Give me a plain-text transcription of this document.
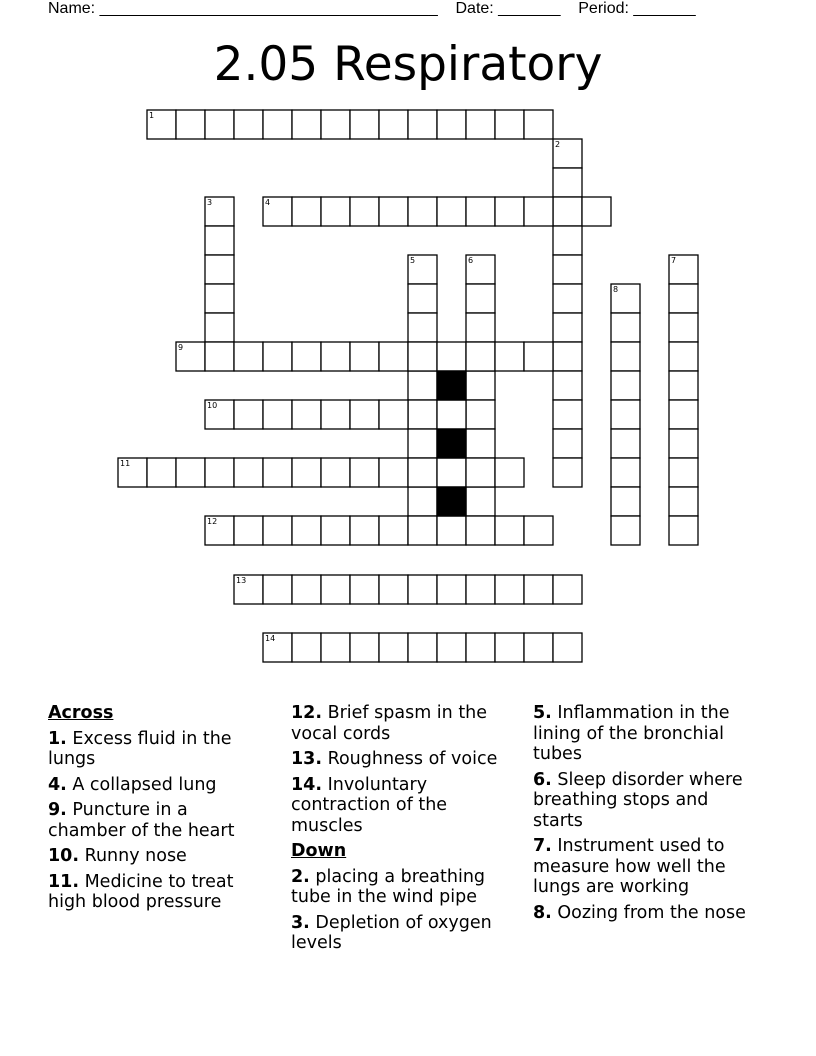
Name: ______________________________________    Date: _______    Period: _______
2.05 Respiratory
1
2
3	4
5	6	7
8
9
10
11
12
13
14
Across
1. Excess fluid in the lungs
4. A collapsed lung
9. Puncture in a chamber of the heart
10. Runny nose
11. Medicine to treat high blood pressure
12. Brief spasm in the vocal cords
13. Roughness of voice
14. Involuntary contraction of the muscles
Down
2. placing a breathing tube in the wind pipe
3. Depletion of oxygen levels
5. Inflammation in the lining of the bronchial tubes
6. Sleep disorder where breathing stops and starts
7. Instrument used to measure how well the lungs are working
8. Oozing from the nose
